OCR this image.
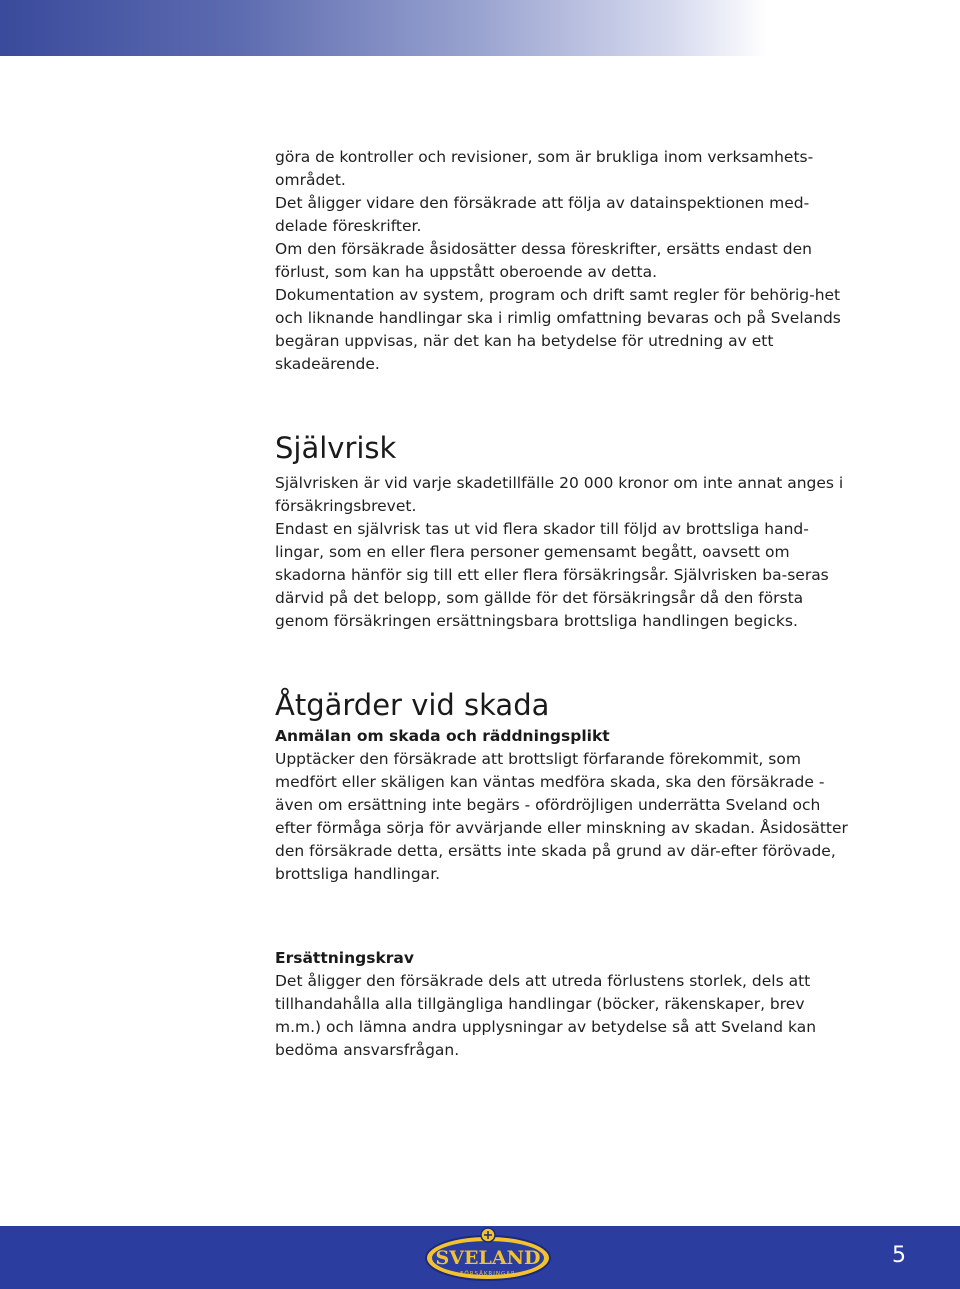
göra de kontroller och revisioner, som är brukliga inom verksamhets-området.

Det åligger vidare den försäkrade att följa av datainspektionen med-delade föreskrifter.

Om den försäkrade åsidosätter dessa föreskrifter, ersätts endast den förlust, som kan ha uppstått oberoende av detta.

Dokumentation av system, program och drift samt regler för behörig-het och liknande handlingar ska i rimlig omfattning bevaras och på Svelands begäran uppvisas, när det kan ha betydelse för utredning av ett skadeärende.

Självrisk

Självrisken är vid varje skadetillfälle 20 000 kronor om inte annat anges i försäkringsbrevet.

Endast en självrisk tas ut vid flera skador till följd av brottsliga hand-lingar, som en eller flera personer gemensamt begått, oavsett om skadorna hänför sig till ett eller flera försäkringsår. Självrisken ba-seras därvid på det belopp, som gällde för det försäkringsår då den första genom försäkringen ersättningsbara brottsliga handlingen begicks.

Åtgärder vid skada
Anmälan om skada och räddningsplikt

Upptäcker den försäkrade att brottsligt förfarande förekommit, som medfört eller skäligen kan väntas medföra skada, ska den försäkrade - även om ersättning inte begärs - ofördröjligen underrätta Sveland och efter förmåga sörja för avvärjande eller minskning av skadan. Åsidosätter den försäkrade detta, ersätts inte skada på grund av där-efter förövade, brottsliga handlingar.

Ersättningskrav

Det åligger den försäkrade dels att utreda förlustens storlek, dels att tillhandahålla alla tillgängliga handlingar (böcker, räkenskaper, brev m.m.) och lämna andra upplysningar av betydelse så att Sveland kan bedöma ansvarsfrågan.

SVELAND
FÖRSÄKRINGAR
5
